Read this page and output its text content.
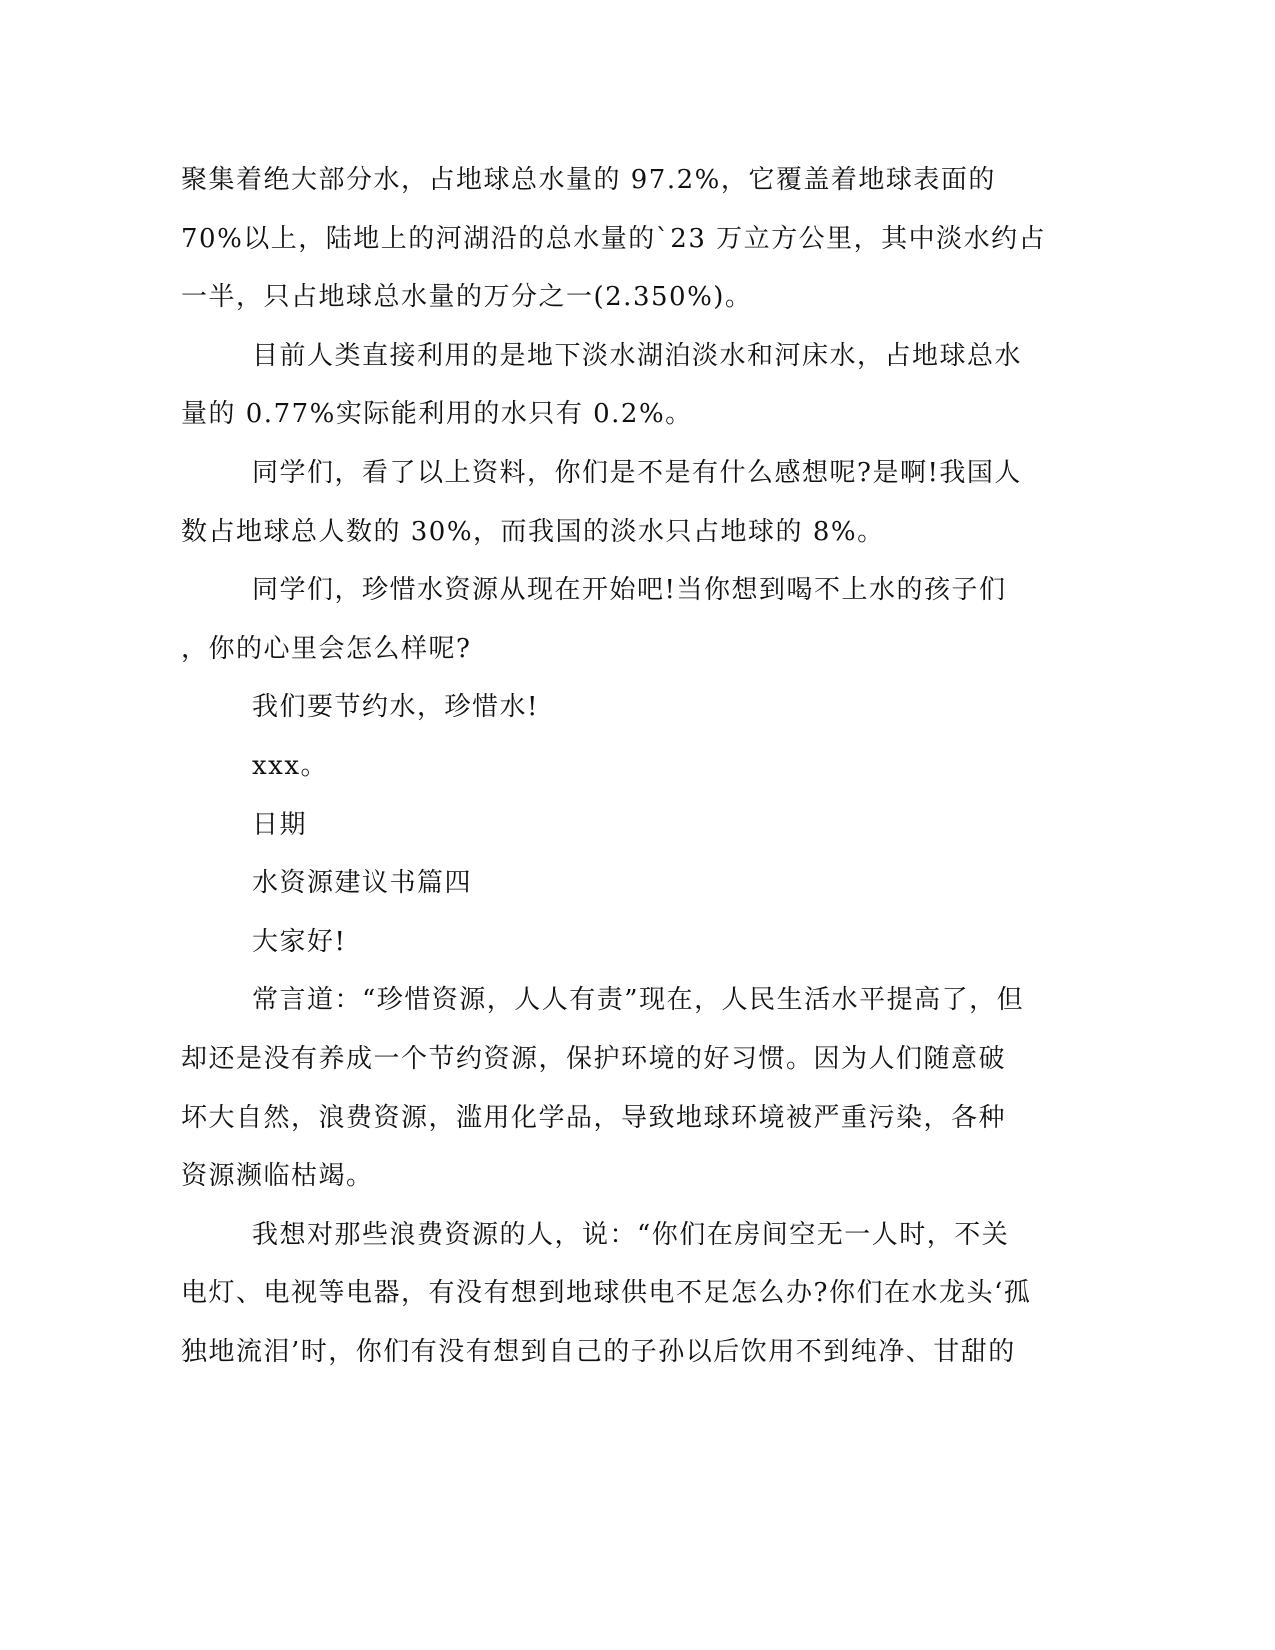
聚集着绝大部分水，占地球总水量的 97.2%，它覆盖着地球表面的
70%以上，陆地上的河湖沿的总水量的`23 万立方公里，其中淡水约占
一半，只占地球总水量的万分之一(2.350%)。
目前人类直接利用的是地下淡水湖泊淡水和河床水，占地球总水
量的 0.77%实际能利用的水只有 0.2%。
同学们，看了以上资料，你们是不是有什么感想呢?是啊!我国人
数占地球总人数的 30%，而我国的淡水只占地球的 8%。
同学们，珍惜水资源从现在开始吧!当你想到喝不上水的孩子们
，你的心里会怎么样呢?
我们要节约水，珍惜水!
xxx。
日期
水资源建议书篇四
大家好!
常言道：“珍惜资源，人人有责”现在，人民生活水平提高了，但
却还是没有养成一个节约资源，保护环境的好习惯。因为人们随意破
坏大自然，浪费资源，滥用化学品，导致地球环境被严重污染，各种
资源濒临枯竭。
我想对那些浪费资源的人，说：“你们在房间空无一人时，不关
电灯、电视等电器，有没有想到地球供电不足怎么办?你们在水龙头‘孤
独地流泪’时，你们有没有想到自己的子孙以后饮用不到纯净、甘甜的
